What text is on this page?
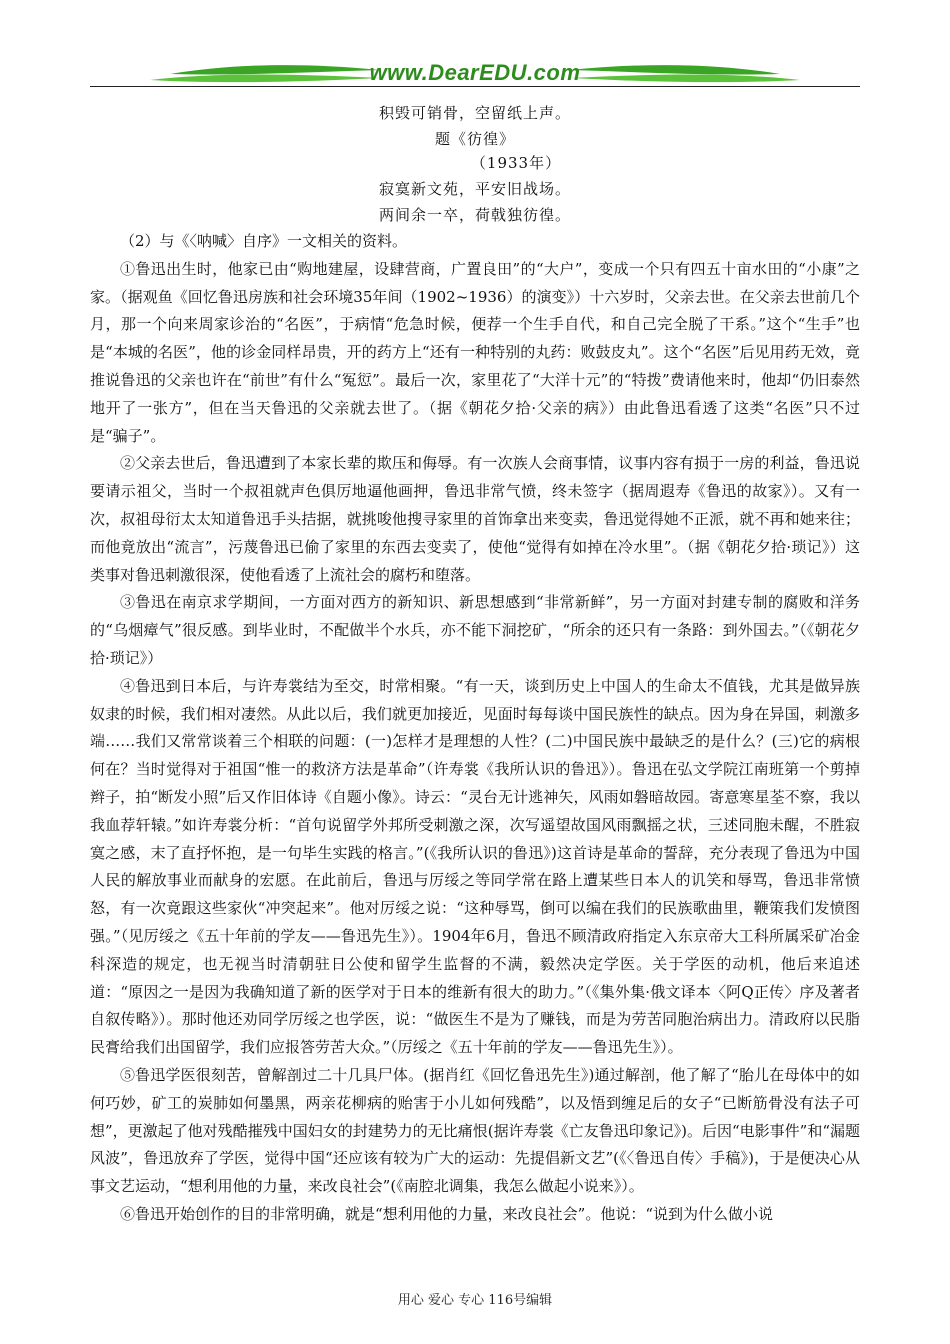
www.DearEDU.com
积毁可销骨，空留纸上声。
题《彷徨》
（1933年）
寂寞新文苑，平安旧战场。
两间余一卒，荷戟独彷徨。

（2）与《〈呐喊〉自序》一文相关的资料。

①鲁迅出生时，他家已由“购地建屋，设肆营商，广置良田”的“大户”，变成一个只有四五十亩水田的“小康”之家。（据观鱼《回忆鲁迅房族和社会环境35年间（1902~1936）的演变》）十六岁时，父亲去世。在父亲去世前几个月，那一个向来周家诊治的“名医”，于病情“危急时候，便荐一个生手自代，和自己完全脱了干系。”这个“生手”也是“本城的名医”，他的诊金同样昂贵，开的药方上“还有一种特别的丸药：败鼓皮丸”。这个“名医”后见用药无效，竟推说鲁迅的父亲也许在“前世”有什么“冤愆”。最后一次，家里花了“大洋十元”的“特拨”费请他来时，他却“仍旧泰然地开了一张方”，但在当天鲁迅的父亲就去世了。（据《朝花夕拾·父亲的病》）由此鲁迅看透了这类“名医”只不过是“骗子”。

②父亲去世后，鲁迅遭到了本家长辈的欺压和侮辱。有一次族人会商事情，议事内容有损于一房的利益，鲁迅说要请示祖父，当时一个叔祖就声色俱厉地逼他画押，鲁迅非常气愤，终未签字（据周遐寿《鲁迅的故家》）。又有一次，叔祖母衍太太知道鲁迅手头拮据，就挑唆他搜寻家里的首饰拿出来变卖，鲁迅觉得她不正派，就不再和她来往；而他竟放出“流言”，污蔑鲁迅已偷了家里的东西去变卖了，使他“觉得有如掉在冷水里”。（据《朝花夕拾·琐记》）这类事对鲁迅刺激很深，使他看透了上流社会的腐朽和堕落。

③鲁迅在南京求学期间，一方面对西方的新知识、新思想感到“非常新鲜”，另一方面对封建专制的腐败和洋务的“乌烟瘴气”很反感。到毕业时，不配做半个水兵，亦不能下洞挖矿，“所余的还只有一条路：到外国去。”（《朝花夕拾·琐记》）

④鲁迅到日本后，与许寿裳结为至交，时常相聚。“有一天，谈到历史上中国人的生命太不值钱，尤其是做异族奴隶的时候，我们相对凄然。从此以后，我们就更加接近，见面时每每谈中国民族性的缺点。因为身在异国，刺激多端……我们又常常谈着三个相联的问题：(一)怎样才是理想的人性？(二)中国民族中最缺乏的是什么？(三)它的病根何在？当时觉得对于祖国“惟一的救济方法是革命”（许寿裳《我所认识的鲁迅》）。鲁迅在弘文学院江南班第一个剪掉辫子，拍“断发小照”后又作旧体诗《自题小像》。诗云：“灵台无计逃神矢，风雨如磐暗故园。寄意寒星荃不察，我以我血荐轩辕。”如许寿裳分析：“首句说留学外邦所受刺激之深，次写遥望故国风雨飘摇之状，三述同胞未醒，不胜寂寞之感，末了直抒怀抱，是一句毕生实践的格言。”(《我所认识的鲁迅》)这首诗是革命的誓辞，充分表现了鲁迅为中国人民的解放事业而献身的宏愿。在此前后，鲁迅与厉绥之等同学常在路上遭某些日本人的讥笑和辱骂，鲁迅非常愤怒，有一次竟跟这些家伙“冲突起来”。他对厉绥之说：“这种辱骂，倒可以编在我们的民族歌曲里，鞭策我们发愤图强。”（见厉绥之《五十年前的学友——鲁迅先生》）。1904年6月，鲁迅不顾清政府指定入东京帝大工科所属采矿冶金科深造的规定，也无视当时清朝驻日公使和留学生监督的不满，毅然决定学医。关于学医的动机，他后来追述道：“原因之一是因为我确知道了新的医学对于日本的维新有很大的助力。”（《集外集·俄文译本〈阿Q正传〉序及著者自叙传略》）。那时他还劝同学厉绥之也学医，说：“做医生不是为了赚钱，而是为劳苦同胞治病出力。清政府以民脂民膏给我们出国留学，我们应报答劳苦大众。”（厉绥之《五十年前的学友——鲁迅先生》）。

⑤鲁迅学医很刻苦，曾解剖过二十几具尸体。(据肖红《回忆鲁迅先生》)通过解剖，他了解了“胎儿在母体中的如何巧妙，矿工的炭肺如何墨黑，两亲花柳病的贻害于小儿如何残酷”，以及悟到缠足后的女子“已断筋骨没有法子可想”，更激起了他对残酷摧残中国妇女的封建势力的无比痛恨(据许寿裳《亡友鲁迅印象记》)。后因“电影事件”和“漏题风波”，鲁迅放弃了学医，觉得中国“还应该有较为广大的运动：先提倡新文艺”(《〈鲁迅自传〉手稿》)，于是便决心从事文艺运动，“想利用他的力量，来改良社会”(《南腔北调集，我怎么做起小说来》）。

⑥鲁迅开始创作的目的非常明确，就是“想利用他的力量，来改良社会”。他说：“说到为什么做小说

用心 爱心 专心 116号编辑
